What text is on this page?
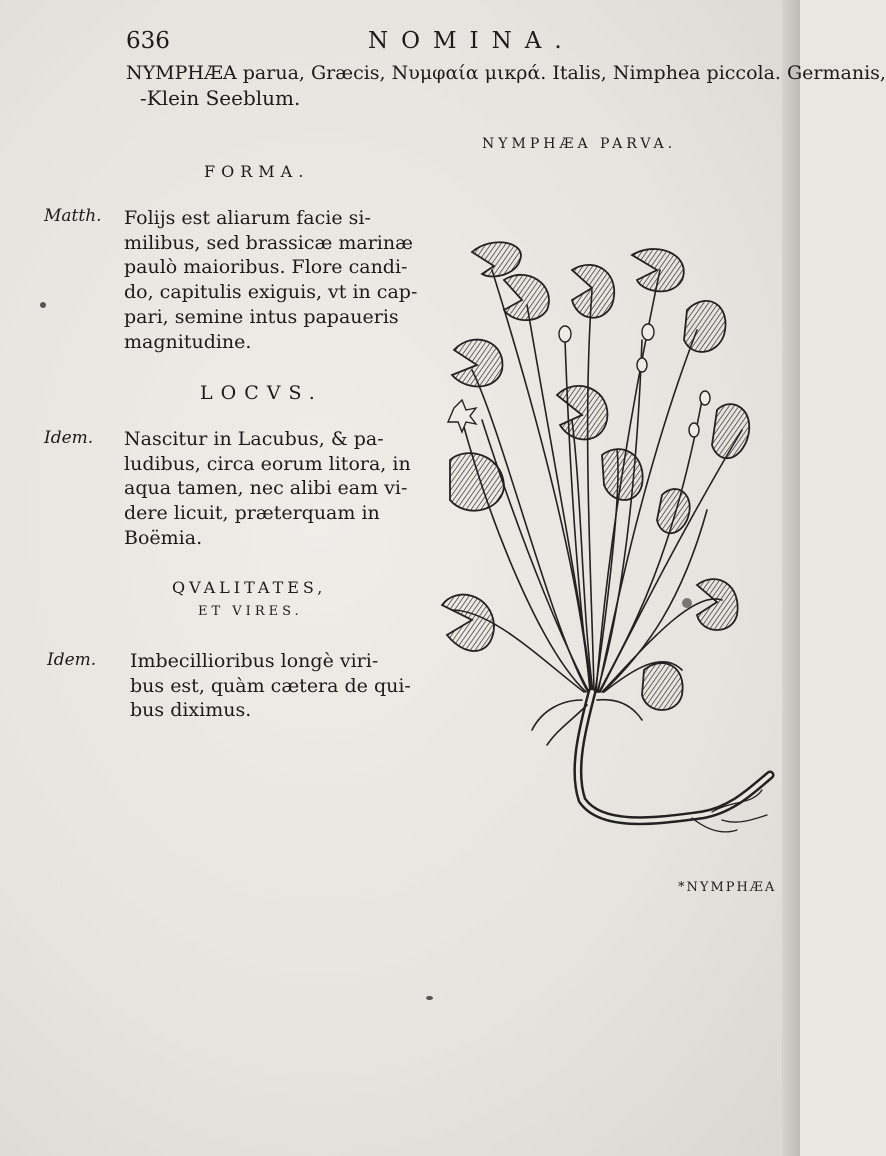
636	NOMINA.
NYMPHÆA parua, Græcis, Νυμφαία μικρά. Italis, Nimphea piccola. Germanis,
-Klein Seeblum.
NYMPHÆA PARVA.
FORMA.
Matth. Folijs est aliarum facie si-
milibus, sed brassicæ marinæ
paulò maioribus. Flore candi-
do, capitulis exiguis, vt in cap-
pari, semine intus papaueris
magnitudine.
LOCVS.
Idem. Nascitur in Lacubus, & pa-
ludibus, circa eorum litora, in
aqua tamen, nec alibi eam vi-
dere licuit, præterquam in
Boëmia.
QVALITATES,
ET VIRES.
Idem. Imbecillioribus longè viri-
bus est, quàm cætera de qui-
bus diximus.
*NYMPHÆA
